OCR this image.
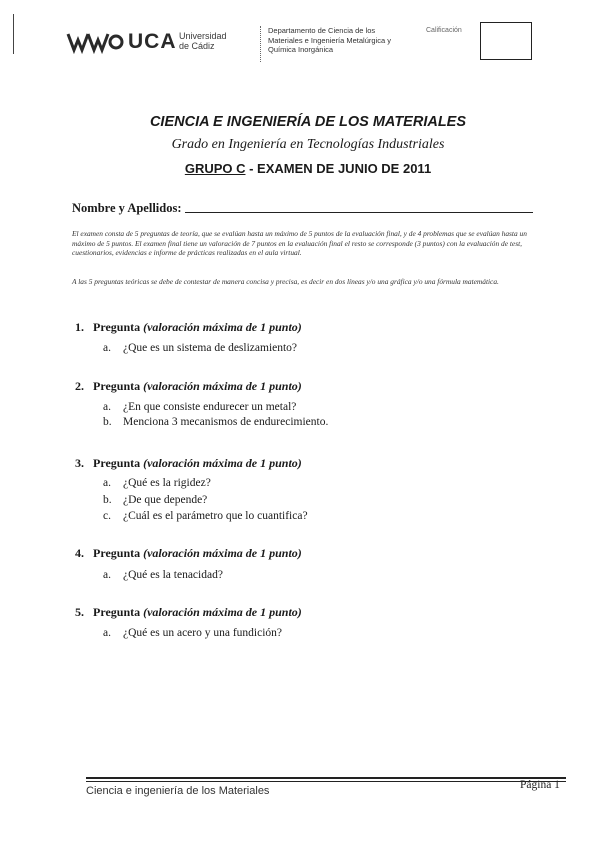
UCA Universidad
de Cádiz
Departamento de Ciencia de los
Materiales e Ingeniería Metalúrgica y
Química Inorgánica
Calificación
CIENCIA E INGENIERÍA DE LOS MATERIALES
Grado en Ingeniería en Tecnologías Industriales
GRUPO C - EXAMEN DE JUNIO DE 2011
Nombre y Apellidos:
El examen consta de 5 preguntas de teoría, que se evalúan hasta un máximo de 5 puntos de la evaluación final, y de 4 problemas que se evalúan hasta un máximo de 5 puntos. El examen final tiene un valoración de 7 puntos en la evaluación final el resto se corresponde (3 puntos) con la evaluación de test, cuestionarios, evidencias e informe de prácticas realizadas en el aula virtual.
A las 5 preguntas teóricas se debe de contestar de manera concisa y precisa, es decir en dos líneas y/o una gráfica y/o una fórmula matemática.
1. Pregunta (valoración máxima de 1 punto)
a. ¿Que es un sistema de deslizamiento?
2. Pregunta (valoración máxima de 1 punto)
a. ¿En que consiste endurecer un metal?
b. Menciona 3 mecanismos de endurecimiento.
3. Pregunta (valoración máxima de 1 punto)
a. ¿Qué es la rigidez?
b. ¿De que depende?
c. ¿Cuál es el parámetro que lo cuantifica?
4. Pregunta (valoración máxima de 1 punto)
a. ¿Qué es la tenacidad?
5. Pregunta (valoración máxima de 1 punto)
a. ¿Qué es un acero y una fundición?
Ciencia e ingeniería de los Materiales	Página 1
